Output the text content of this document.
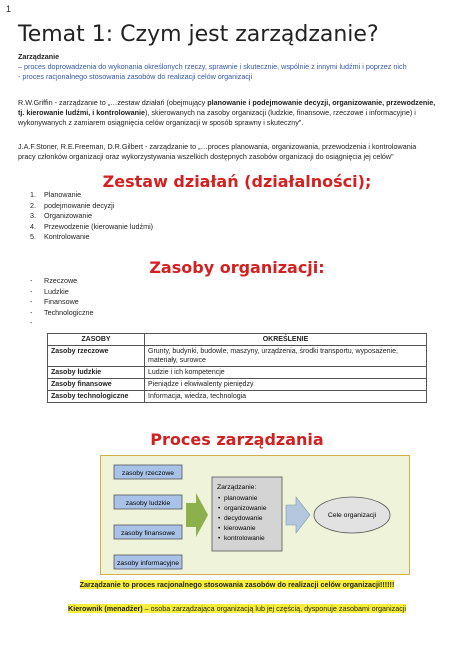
1
Temat 1: Czym jest zarządzanie?
Zarządzanie
– proces doprowadzenia do wykonania określonych rzeczy, sprawnie i skutecznie, wspólnie z innymi ludźmi i poprzez nich
- proces racjonalnego stosowania zasobów do realizacji celów organizacji
R.W.Griffin - zarządzanie to „…zestaw działań (obejmujący planowanie i podejmowanie decyzji, organizowanie, przewodzenie,
tj. kierowanie ludźmi, i kontrolowanie), skierowanych na zasoby organizacji (ludzkie, finansowe, rzeczowe i informacyjne) i
wykonywanych z zamiarem osiągnięcia celów organizacji w sposób sprawny i skuteczny”.
J.A.F.Stoner, R.E.Freeman, D.R.Gilbert - zarządzanie to „…proces planowania, organizowania, przewodzenia i kontrolowania
pracy członków organizacji oraz wykorzystywania wszelkich dostępnych zasobów organizacji do osiągnięcia jej celów”
Zestaw działań (działalności);
1. Planowanie
2. podejmowanie decyzji
3. Organizowanie
4. Przewodzenie (kierowanie ludźmi)
5. Kontrolowanie
Zasoby organizacji:
- Rzeczowe
- Ludzkie
- Finansowe
- Technologiczne
-
ZASOBY	OKREŚLENIE
Zasoby rzeczowe	Grunty, budynki, budowle, maszyny, urządzenia, środki transportu, wyposażenie, materiały, surowce
Zasoby ludzkie	Ludzie i ich kompetencje
Zasoby finansowe	Pieniądze i ekwiwalenty pieniędzy
Zasoby technologiczne	Informacja, wiedza, technologia
Proces zarządzania
zasoby rzeczowe
zasoby ludzkie
zasoby finansowe
zasoby informacyjne
Zarządzanie:
• planowanie
• organizowanie
• decydowanie
• kierowanie
• kontrolowanie
Cele organizacji
Zarządzanie to proces racjonalnego stosowania zasobów do realizacji celów organizacji!!!!!!
Kierownik (menadżer) – osoba zarządzająca organizacją lub jej częścią, dysponuje zasobami organizacji
